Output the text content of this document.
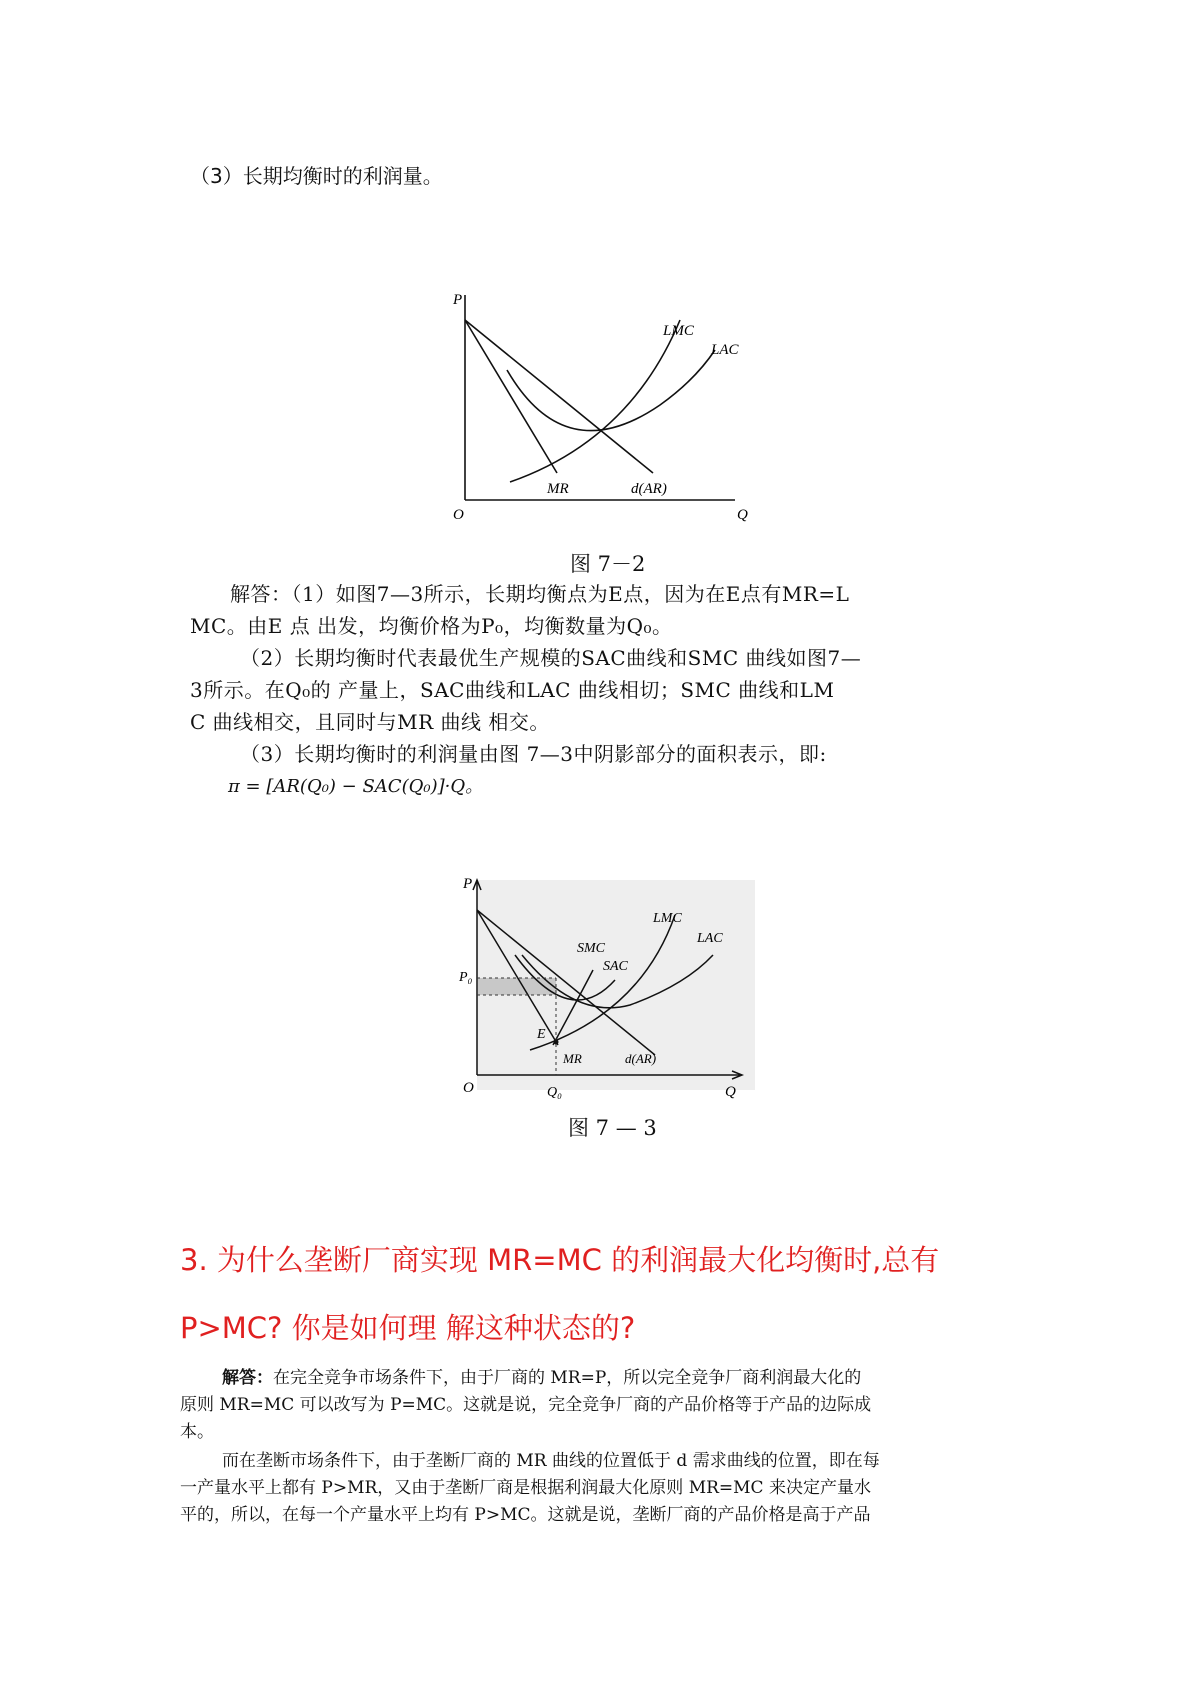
（3）长期均衡时的利润量。
P
O	Q
LMC
LAC
MR	d(AR)
图 7－2
解答：（1）如图7—3所示，长期均衡点为E点，因为在E点有MR=L
MC。由E 点 出发，均衡价格为P₀，均衡数量为Q₀。
（2）长期均衡时代表最优生产规模的SAC曲线和SMC 曲线如图7—
3所示。在Q₀的 产量上，SAC曲线和LAC 曲线相切；SMC 曲线和LM
C 曲线相交，且同时与MR 曲线 相交。
（3）长期均衡时的利润量由图 7—3中阴影部分的面积表示，即:
π = [AR(Q₀) − SAC(Q₀)]·Q。
P
O	Q
P₀
Q₀
LMC
LAC
SMC
SAC
E
MR	d(AR)
图 7 — 3
3. 为什么垄断厂商实现 MR=MC 的利润最大化均衡时,总有
P>MC? 你是如何理 解这种状态的?
解答：在完全竞争市场条件下，由于厂商的 MR=P，所以完全竞争厂商利润最大化的
原则 MR=MC 可以改写为 P=MC。这就是说，完全竞争厂商的产品价格等于产品的边际成
本。
而在垄断市场条件下，由于垄断厂商的 MR 曲线的位置低于 d 需求曲线的位置，即在每
一产量水平上都有 P>MR，又由于垄断厂商是根据利润最大化原则 MR=MC 来决定产量水
平的，所以，在每一个产量水平上均有 P>MC。这就是说，垄断厂商的产品价格是高于产品
